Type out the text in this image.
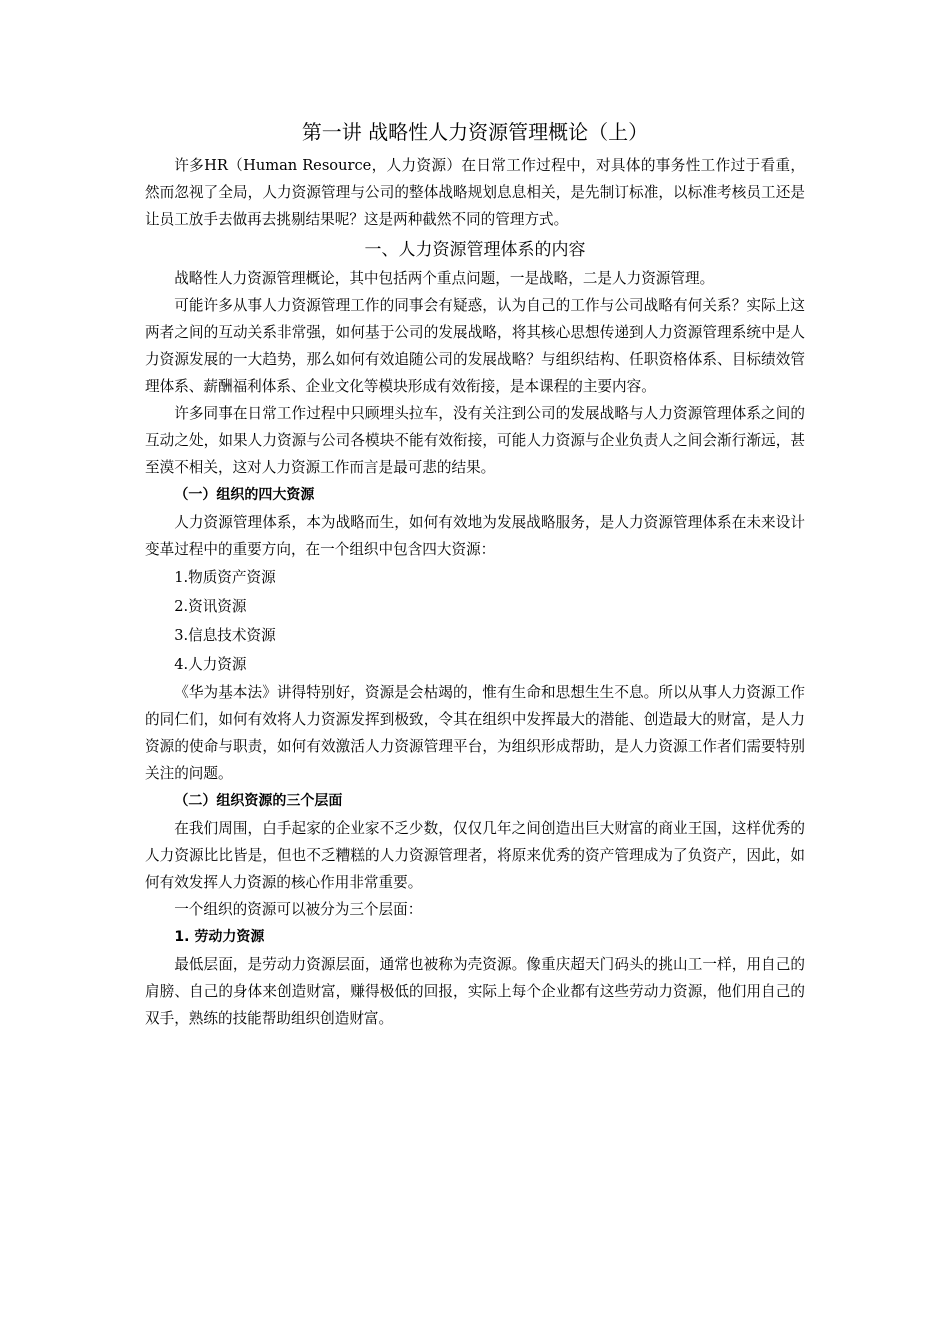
第一讲 战略性人力资源管理概论（上）

许多HR（Human Resource，人力资源）在日常工作过程中，对具体的事务性工作过于看重，然而忽视了全局，人力资源管理与公司的整体战略规划息息相关，是先制订标准，以标准考核员工还是让员工放手去做再去挑剔结果呢？这是两种截然不同的管理方式。

一、人力资源管理体系的内容

战略性人力资源管理概论，其中包括两个重点问题，一是战略，二是人力资源管理。

可能许多从事人力资源管理工作的同事会有疑惑，认为自己的工作与公司战略有何关系？实际上这两者之间的互动关系非常强，如何基于公司的发展战略，将其核心思想传递到人力资源管理系统中是人力资源发展的一大趋势，那么如何有效追随公司的发展战略？与组织结构、任职资格体系、目标绩效管理体系、薪酬福利体系、企业文化等模块形成有效衔接，是本课程的主要内容。

许多同事在日常工作过程中只顾埋头拉车，没有关注到公司的发展战略与人力资源管理体系之间的互动之处，如果人力资源与公司各模块不能有效衔接，可能人力资源与企业负责人之间会渐行渐远，甚至漠不相关，这对人力资源工作而言是最可悲的结果。

（一）组织的四大资源

人力资源管理体系，本为战略而生，如何有效地为发展战略服务，是人力资源管理体系在未来设计变革过程中的重要方向，在一个组织中包含四大资源：

1.物质资产资源

2.资讯资源

3.信息技术资源

4.人力资源

《华为基本法》讲得特别好，资源是会枯竭的，惟有生命和思想生生不息。所以从事人力资源工作的同仁们，如何有效将人力资源发挥到极致，令其在组织中发挥最大的潜能、创造最大的财富，是人力资源的使命与职责，如何有效激活人力资源管理平台，为组织形成帮助，是人力资源工作者们需要特别关注的问题。

（二）组织资源的三个层面

在我们周围，白手起家的企业家不乏少数，仅仅几年之间创造出巨大财富的商业王国，这样优秀的人力资源比比皆是，但也不乏糟糕的人力资源管理者，将原来优秀的资产管理成为了负资产，因此，如何有效发挥人力资源的核心作用非常重要。

一个组织的资源可以被分为三个层面：

1. 劳动力资源

最低层面，是劳动力资源层面，通常也被称为壳资源。像重庆超天门码头的挑山工一样，用自己的肩膀、自己的身体来创造财富，赚得极低的回报，实际上每个企业都有这些劳动力资源，他们用自己的双手，熟练的技能帮助组织创造财富。
